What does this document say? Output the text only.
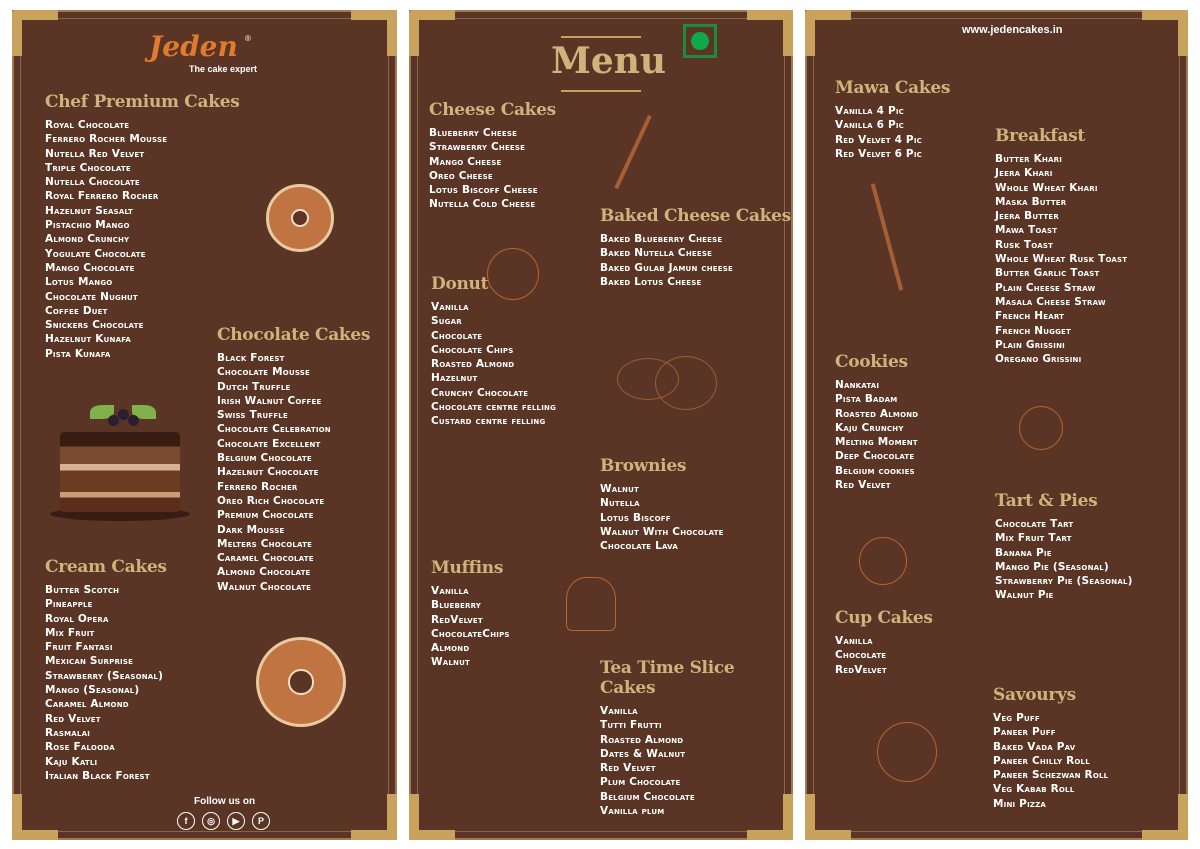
Jeden ®
The cake expert
Chef Premium Cakes
Royal Chocolate
Ferrero Rocher Mousse
Nutella Red Velvet
Triple Chocolate
Nutella Chocolate
Royal Ferrero Rocher
Hazelnut Seasalt
Pistachio Mango
Almond Crunchy
Yogulate Chocolate
Mango Chocolate
Lotus Mango
Chocolate Nughut
Coffee Duet
Snickers Chocolate
Hazelnut Kunafa
Pista Kunafa
Chocolate Cakes
Black Forest
Chocolate Mousse
Dutch Truffle
Irish Walnut Coffee
Swiss Truffle
Chocolate Celebration
Chocolate Excellent
Belgium Chocolate
Hazelnut Chocolate
Ferrero Rocher
Oreo Rich Chocolate
Premium Chocolate
Dark Mousse
Melters Chocolate
Caramel Chocolate
Almond Chocolate
Walnut Chocolate
Cream Cakes
Butter Scotch
Pineapple
Royal Opera
Mix Fruit
Fruit Fantasi
Mexican Surprise
Strawberry (Seasonal)
Mango (Seasonal)
Caramel Almond
Red Velvet
Rasmalai
Rose Falooda
Kaju Katli
Italian Black Forest
Follow us on
f	◎	▶	P
Menu
Cheese Cakes
Blueberry Cheese
Strawberry Cheese
Mango Cheese
Oreo Cheese
Lotus Biscoff Cheese
Nutella Cold Cheese
Baked Cheese Cakes
Baked Blueberry Cheese
Baked Nutella Cheese
Baked Gulab Jamun cheese
Baked Lotus Cheese
Donut
Vanilla
Sugar
Chocolate
Chocolate Chips
Roasted Almond
Hazelnut
Crunchy Chocolate
Chocolate centre felling
Custard centre felling
Brownies
Walnut
Nutella
Lotus Biscoff
Walnut With Chocolate
Chocolate Lava
Muffins
Vanilla
Blueberry
RedVelvet
ChocolateChips
Almond
Walnut	Tea Time Slice Cakes
Vanilla
Tutti Frutti
Roasted Almond
Dates & Walnut
Red Velvet
Plum Chocolate
Belgium Chocolate
Vanilla plum
www.jedencakes.in
Mawa Cakes
Vanilla 4 Pic
Vanilla 6 Pic
Red Velvet 4 Pic
Red Velvet 6 Pic
Breakfast
Butter Khari
Jeera Khari
Whole Wheat Khari
Maska Butter
Jeera Butter
Mawa Toast
Rusk Toast
Whole Wheat Rusk Toast
Butter Garlic Toast
Plain Cheese Straw
Masala Cheese Straw
French Heart
French Nugget
Plain Grissini
Oregano Grissini
Cookies
Nankatai
Pista Badam
Roasted Almond
Kaju Crunchy
Melting Moment
Deep Chocolate
Belgium cookies
Red Velvet
Tart & Pies
Chocolate Tart
Mix Fruit Tart
Banana Pie
Mango Pie (Seasonal)
Strawberry Pie (Seasonal)
Walnut Pie
Cup Cakes
Vanilla
Chocolate
RedVelvet
Savourys
Veg Puff
Paneer Puff
Baked Vada Pav
Paneer Chilly Roll
Paneer Schezwan Roll
Veg Kabab Roll
Mini Pizza
